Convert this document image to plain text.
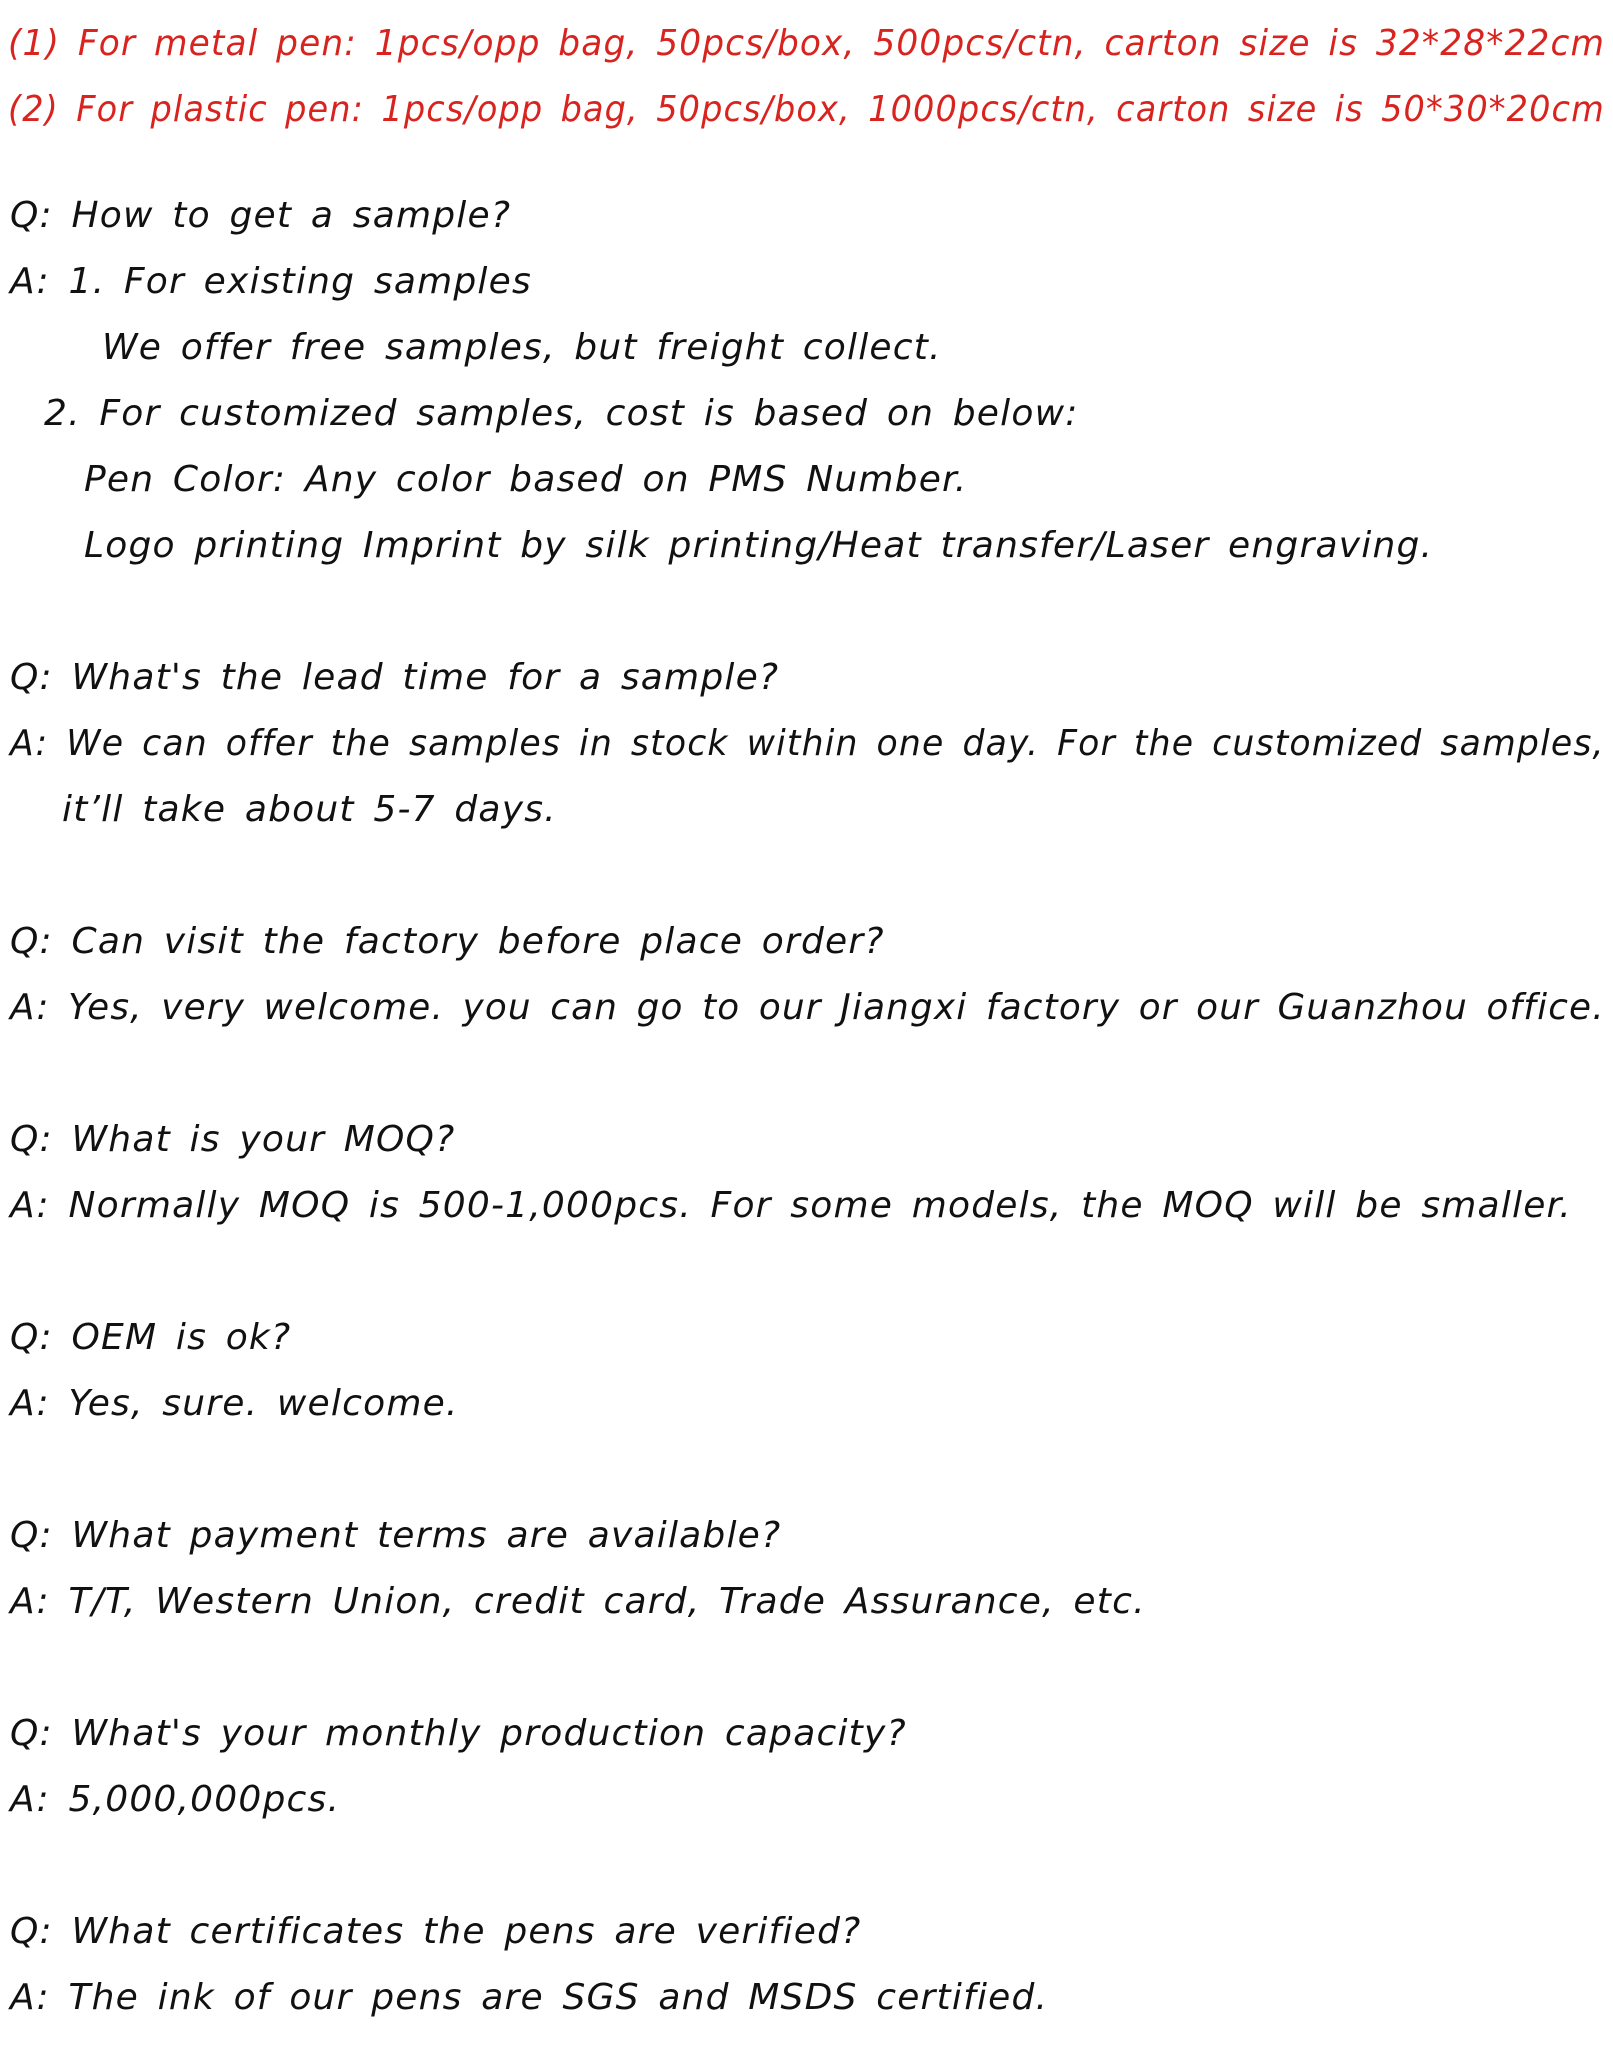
(1) For metal pen: 1pcs/opp bag, 50pcs/box, 500pcs/ctn, carton size is 32*28*22cm
(2) For plastic pen: 1pcs/opp bag, 50pcs/box, 1000pcs/ctn, carton size is 50*30*20cm
Q: How to get a sample?
A: 1. For existing samples
We offer free samples, but freight collect.
2. For customized samples, cost is based on below:
Pen Color: Any color based on PMS Number.
Logo printing Imprint by silk printing/Heat transfer/Laser engraving.
Q: What's the lead time for a sample?
A: We can offer the samples in stock within one day. For the customized samples,
it’ll take about 5-7 days.
Q: Can visit the factory before place order?
A: Yes, very welcome. you can go to our Jiangxi factory or our Guanzhou office.
Q: What is your MOQ?
A: Normally MOQ is 500-1,000pcs. For some models, the MOQ will be smaller.
Q: OEM is ok?
A: Yes, sure. welcome.
Q: What payment terms are available?
A: T/T, Western Union, credit card, Trade Assurance, etc.
Q: What's your monthly production capacity?
A: 5,000,000pcs.
Q: What certificates the pens are verified?
A: The ink of our pens are SGS and MSDS certified.
